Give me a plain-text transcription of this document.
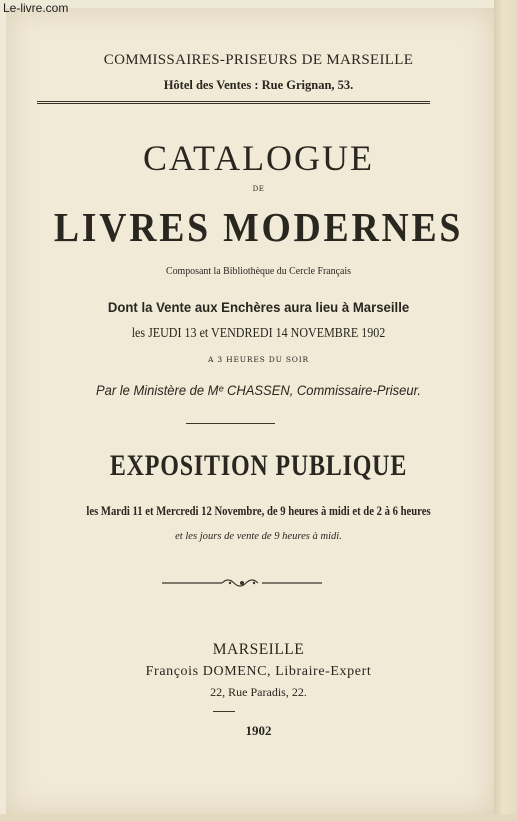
Le-livre.com
COMMISSAIRES-PRISEURS DE MARSEILLE
Hôtel des Ventes : Rue Grignan, 53.
CATALOGUE
DE
LIVRES MODERNES
Composant la Bibliothèque du Cercle Français
Dont la Vente aux Enchères aura lieu à Marseille
les JEUDI 13 et VENDREDI 14 NOVEMBRE 1902
A 3 HEURES DU SOIR
Par le Ministère de Mᵉ CHASSEN, Commissaire-Priseur.
EXPOSITION PUBLIQUE
les Mardi 11 et Mercredi 12 Novembre, de 9 heures à midi et de 2 à 6 heures
et les jours de vente de 9 heures à midi.
MARSEILLE
François DOMENC, Libraire-Expert
22, Rue Paradis, 22.
1902
